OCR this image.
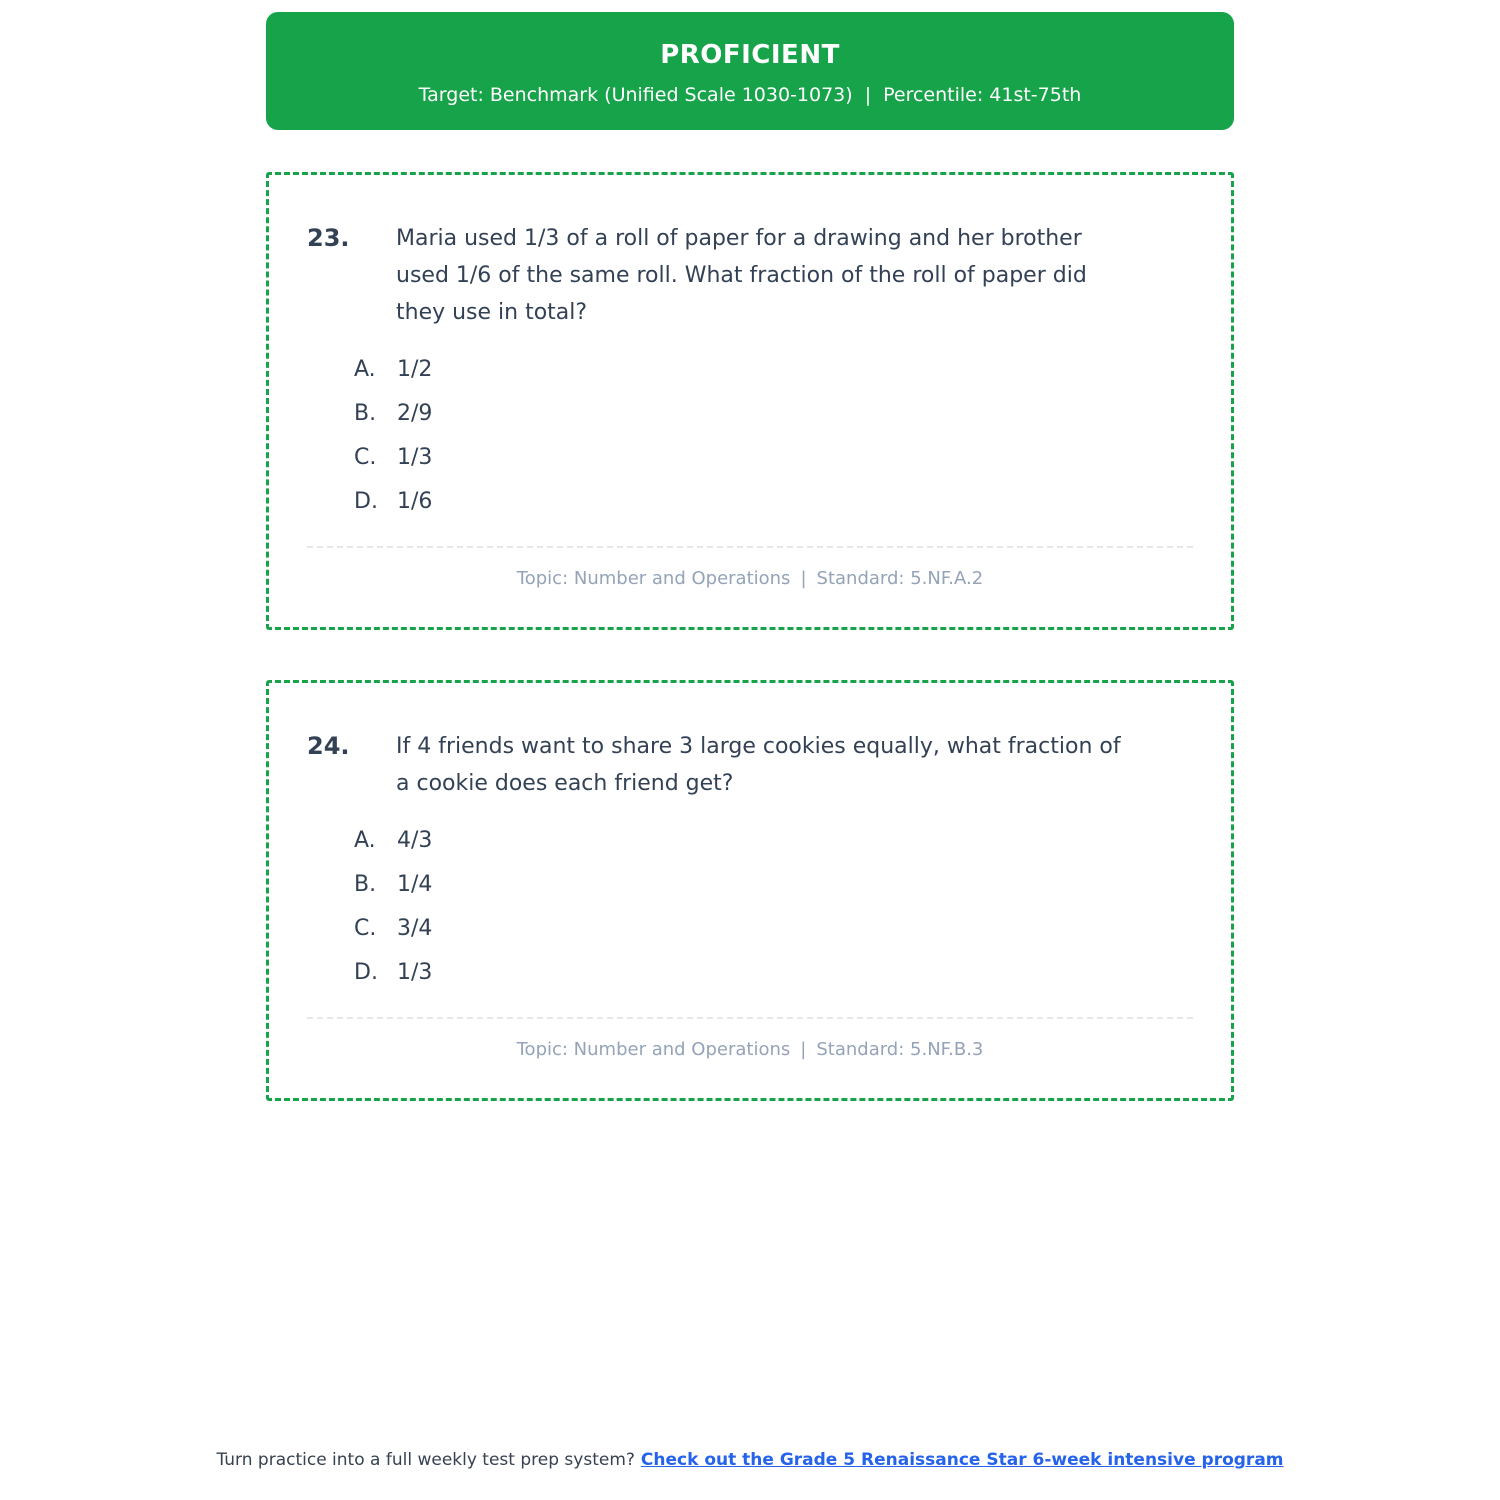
PROFICIENT
Target: Benchmark (Unified Scale 1030-1073) | Percentile: 41st-75th
23.	Maria used 1/3 of a roll of paper for a drawing and her brother used 1/6 of the same roll. What fraction of the roll of paper did they use in total?
A. 1/2
B. 2/9
C. 1/3
D. 1/6
Topic: Number and Operations | Standard: 5.NF.A.2
24.	If 4 friends want to share 3 large cookies equally, what fraction of a cookie does each friend get?
A. 4/3
B. 1/4
C. 3/4
D. 1/3
Topic: Number and Operations | Standard: 5.NF.B.3
Turn practice into a full weekly test prep system? Check out the Grade 5 Renaissance Star 6-week intensive program
